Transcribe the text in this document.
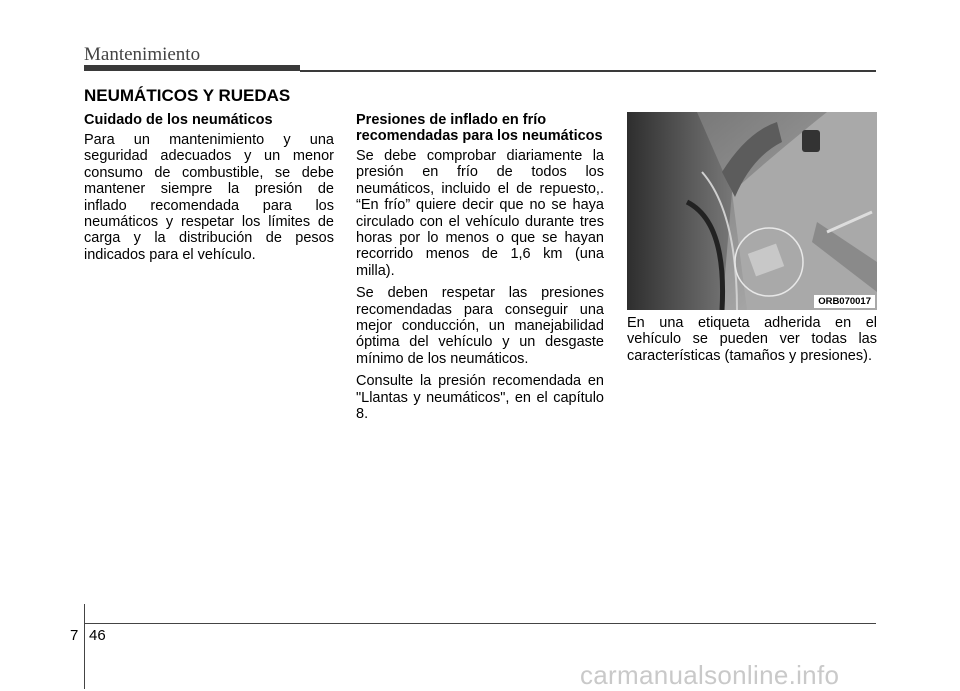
Mantenimiento
NEUMÁTICOS Y RUEDAS
Cuidado de los neumáticos

Para un mantenimiento y una seguridad adecuados y un menor consumo de combustible, se debe mantener siempre la presión de inflado recomendada para los neumáticos y respetar los límites de carga y la distribución de pesos indicados para el vehículo.

Presiones de inflado en frío recomendadas para los neumáticos

Se debe comprobar diariamente la presión en frío de todos los neumáticos, incluido el de repuesto,. “En frío” quiere decir que no se haya circulado con el vehículo durante tres horas por lo menos o que se hayan recorrido menos de 1,6 km (una milla).

Se deben respetar las presiones recomendadas para conseguir una mejor conducción, un manejabilidad óptima del vehículo y un desgaste mínimo de los neumáticos.

Consulte la presión recomendada en "Llantas y neumáticos", en el capítulo 8.

ORB070017

En una etiqueta adherida en el vehículo se pueden ver todas las características (tamaños y presiones).

7 46
carmanualsonline.info
